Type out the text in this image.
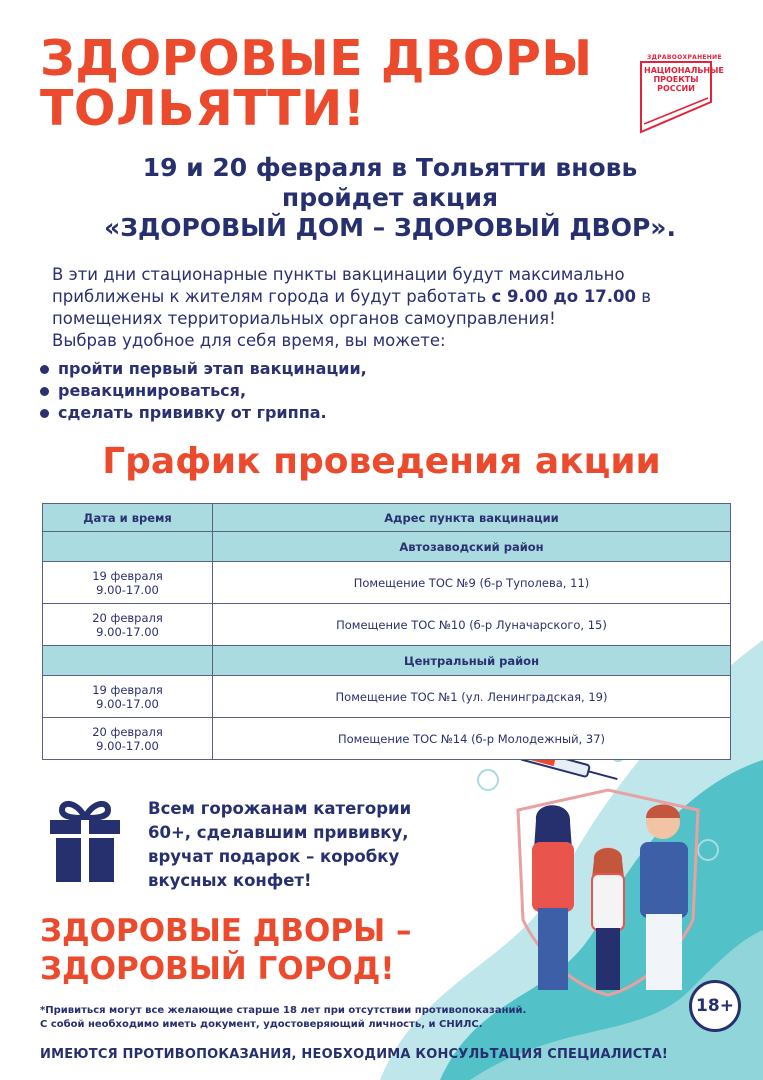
ЗДОРОВЫЕ ДВОРЫ
ТОЛЬЯТТИ!
ЗДРАВООХРАНЕНИЕ
НАЦИОНАЛЬНЫЕ
ПРОЕКТЫ
РОССИИ
19 и 20 февраля в Тольятти вновь
пройдет акция
«ЗДОРОВЫЙ ДОМ – ЗДОРОВЫЙ ДВОР».
В эти дни стационарные пункты вакцинации будут максимально приближены к жителям города и будут работать с 9.00 до 17.00 в помещениях территориальных органов самоуправления!
Выбрав удобное для себя время, вы можете:
пройти первый этап вакцинации,
ревакцинироваться,
сделать прививку от гриппа.
График проведения акции
Дата и время	Адрес пункта вакцинации
	Автозаводский район

19 февраля
9.00-17.00	Помещение ТОС №9 (б-р Туполева, 11)

20 февраля
9.00-17.00	Помещение ТОС №10 (б-р Луначарского, 15)
	Центральный район

19 февраля
9.00-17.00	Помещение ТОС №1 (ул. Ленинградская, 19)

20 февраля
9.00-17.00	Помещение ТОС №14 (б-р Молодежный, 37)
Всем горожанам категории
60+, сделавшим прививку,
вручат подарок – коробку
вкусных конфет!
ЗДОРОВЫЕ ДВОРЫ –
ЗДОРОВЫЙ ГОРОД!
18+
*Привиться могут все желающие старше 18 лет при отсутствии противопоказаний.
С собой необходимо иметь документ, удостоверяющий личность, и СНИЛС.
ИМЕЮТСЯ ПРОТИВОПОКАЗАНИЯ, НЕОБХОДИМА КОНСУЛЬТАЦИЯ СПЕЦИАЛИСТА!
